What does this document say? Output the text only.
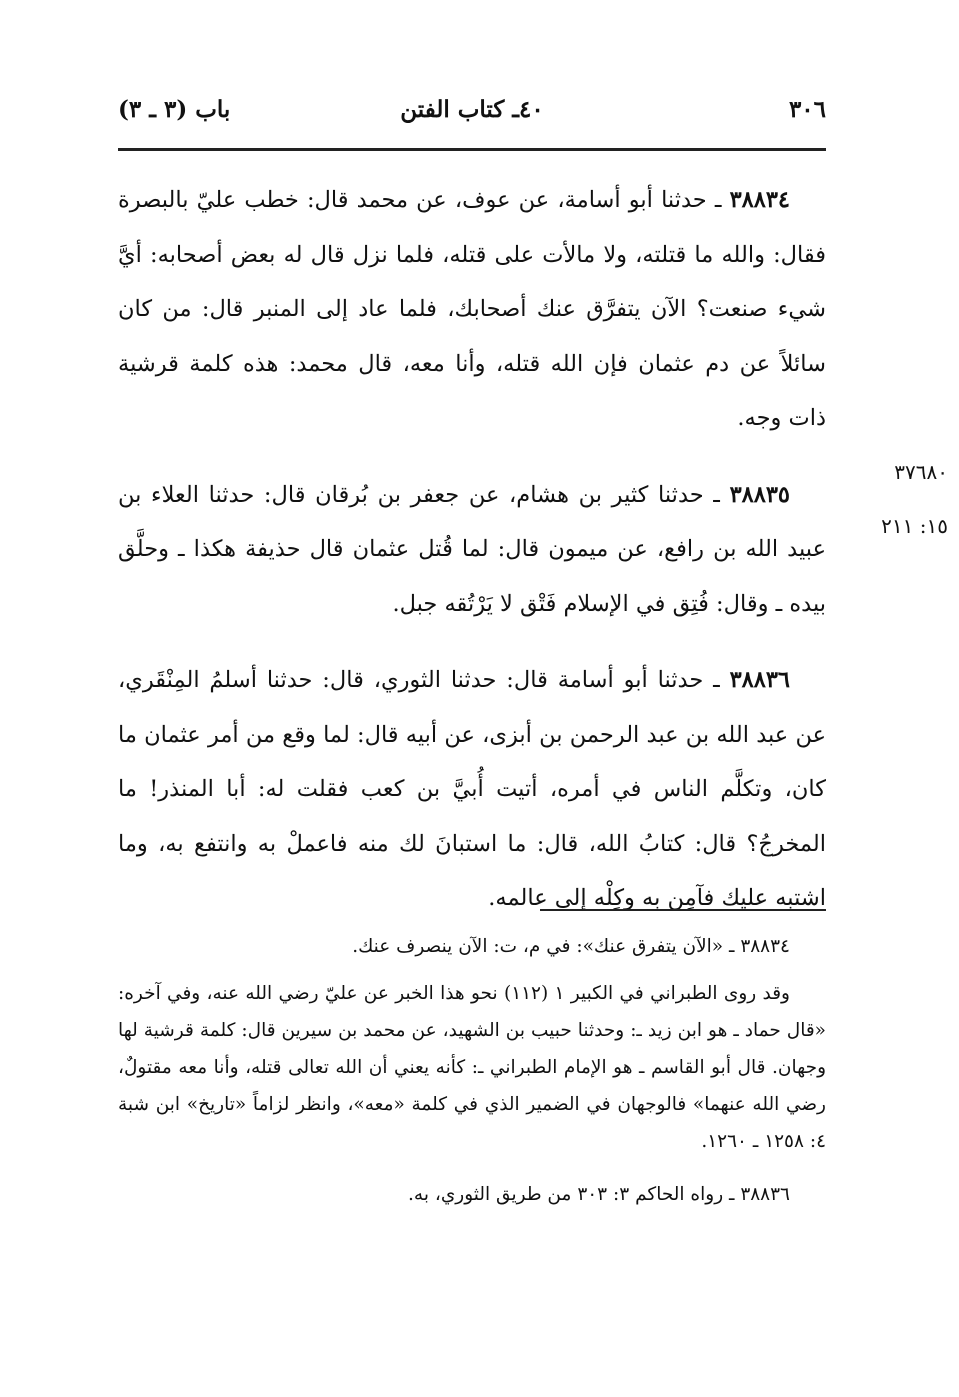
٣٠٦
٤٠ـ كتاب الفتن
باب (٣ ـ ٣)

٣٨٨٣٤ ـ حدثنا أبو أسامة، عن عوف، عن محمد قال: خطب عليّ بالبصرة فقال: والله ما قتلته، ولا مالأت على قتله، فلما نزل قال له بعض أصحابه: أيَّ شيء صنعت؟ الآن يتفرَّق عنك أصحابك، فلما عاد إلى المنبر قال: من كان سائلاً عن دم عثمان فإن الله قتله، وأنا معه، قال محمد: هذه كلمة قرشية ذات وجه.

٣٨٨٣٥ ـ حدثنا كثير بن هشام، عن جعفر بن بُرقان قال: حدثنا العلاء بن عبيد الله بن رافع، عن ميمون قال: لما قُتل عثمان قال حذيفة هكذا ـ وحلَّق بيده ـ وقال: فُتِق في الإسلام فَتْق لا يَرْتُقه جبل.

٣٨٨٣٦ ـ حدثنا أبو أسامة قال: حدثنا الثوري، قال: حدثنا أسلمُ المِنْقَري، عن عبد الله بن عبد الرحمن بن أبزى، عن أبيه قال: لما وقع من أمر عثمان ما كان، وتكلَّم الناس في أمره، أتيت أُبيَّ بن كعب فقلت له: أبا المنذر! ما المخرجُ؟ قال: كتابُ الله، قال: ما استبانَ لك منه فاعملْ به وانتفع به، وما اشتبه عليك فآمِن به وكِلْه إلى عالمه.

٣٧٦٨٠
١٥: ٢١١

٣٨٨٣٤ ـ «الآن يتفرق عنك»: في م، ت: الآن ينصرف عنك.

وقد روى الطبراني في الكبير ١ (١١٢) نحو هذا الخبر عن عليّ رضي الله عنه، وفي آخره: «قال حماد ـ هو ابن زيد ـ: وحدثنا حبيب بن الشهيد، عن محمد بن سيرين قال: كلمة قرشية لها وجهان. قال أبو القاسم ـ هو الإمام الطبراني ـ: كأنه يعني أن الله تعالى قتله، وأنا معه مقتولٌ، رضي الله عنهما» فالوجهان في الضمير الذي في كلمة «معه»، وانظر لزاماً «تاريخ» ابن شبة ٤: ١٢٥٨ ـ ١٢٦٠.

٣٨٨٣٦ ـ رواه الحاكم ٣: ٣٠٣ من طريق الثوري، به.
